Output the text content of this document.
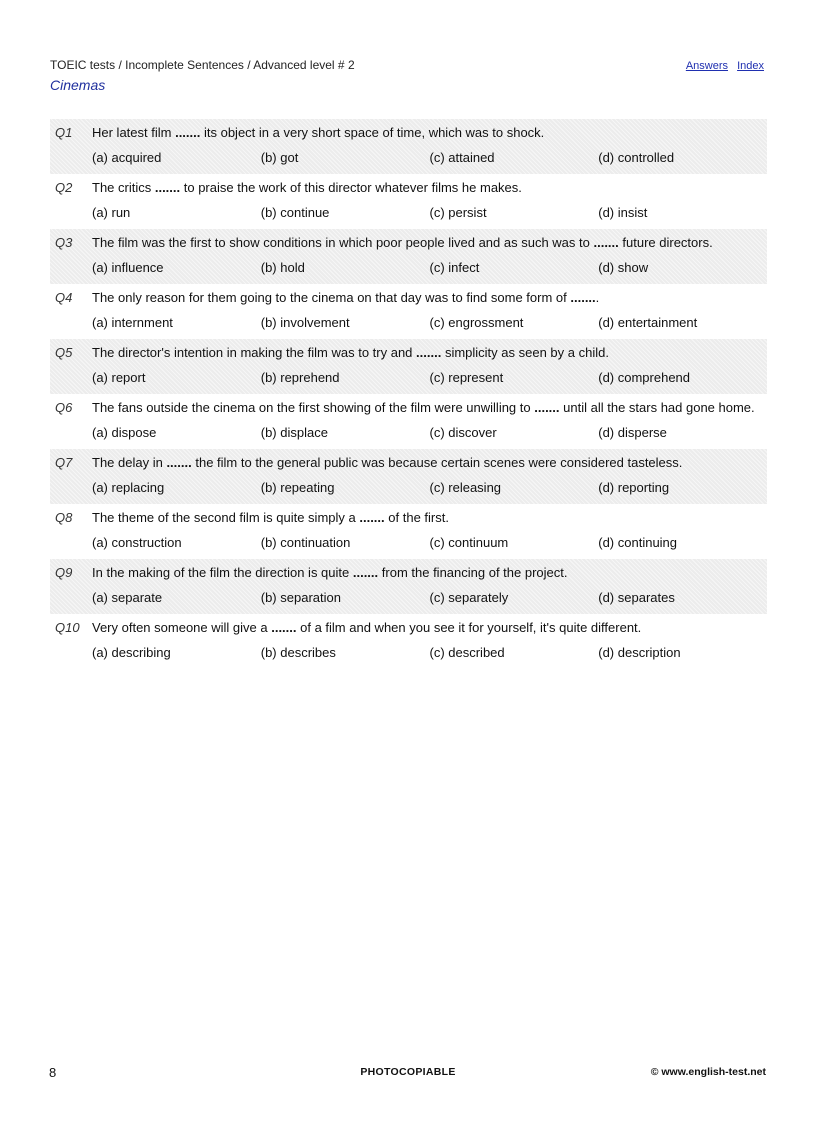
TOEIC tests / Incomplete Sentences / Advanced level # 2
Cinemas
Answers Index
Q1	Her latest film ....... its object in a very short space of time, which was to shock.
(a) acquired	(b) got	(c) attained	(d) controlled
Q2	The critics ....... to praise the work of this director whatever films he makes.
(a) run	(b) continue	(c) persist	(d) insist
Q3	The film was the first to show conditions in which poor people lived and as such was to ....... future directors.
(a) influence	(b) hold	(c) infect	(d) show
Q4	The only reason for them going to the cinema on that day was to find some form of ........
(a) internment	(b) involvement	(c) engrossment	(d) entertainment
Q5	The director's intention in making the film was to try and ....... simplicity as seen by a child.
(a) report	(b) reprehend	(c) represent	(d) comprehend
Q6	The fans outside the cinema on the first showing of the film were unwilling to ....... until all the stars had gone home.
(a) dispose	(b) displace	(c) discover	(d) disperse
Q7	The delay in ....... the film to the general public was because certain scenes were considered tasteless.
(a) replacing	(b) repeating	(c) releasing	(d) reporting
Q8	The theme of the second film is quite simply a ....... of the first.
(a) construction	(b) continuation	(c) continuum	(d) continuing
Q9	In the making of the film the direction is quite ....... from the financing of the project.
(a) separate	(b) separation	(c) separately	(d) separates
Q10 Very often someone will give a ....... of a film and when you see it for yourself, it's quite different.
(a) describing	(b) describes	(c) described	(d) description
8	PHOTOCOPIABLE	© www.english-test.net
